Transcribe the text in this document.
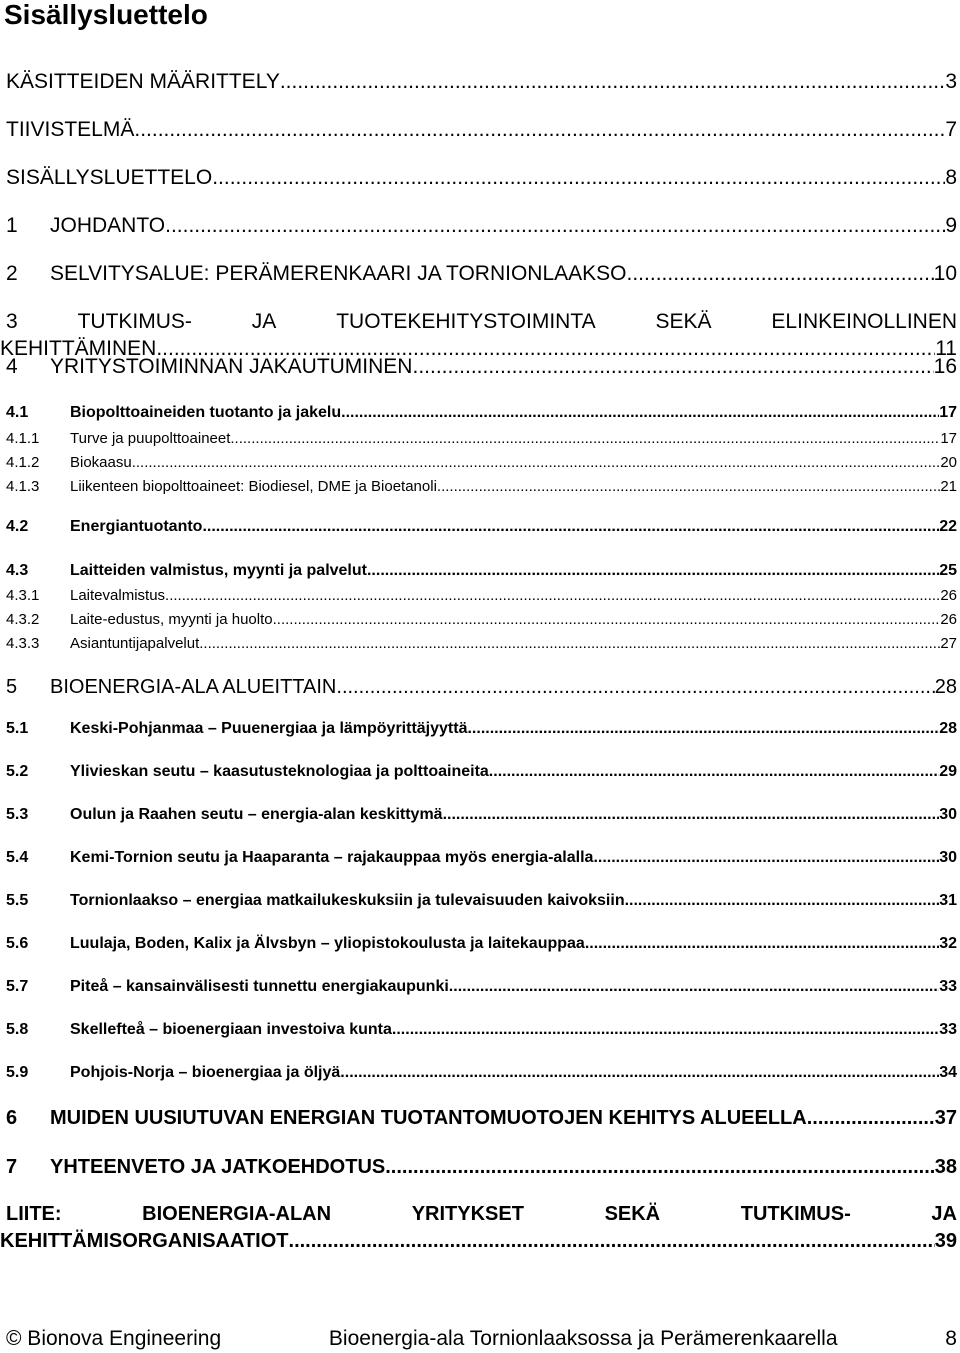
Sisällysluettelo
KÄSITTEIDEN MÄÄRITTELY .....	3
TIIVISTELMÄ .....	7
SISÄLLYSLUETTELO .....	8
1	JOHDANTO .....	9
2	SELVITYSALUE: PERÄMERENKAARI JA TORNIONLAAKSO .....	10
3	TUTKIMUS-	JA	TUOTEKEHITYSTOIMINTA	SEKÄ	ELINKEINOLLINEN
KEHITTÄMINEN .....	11
4	YRITYSTOIMINNAN JAKAUTUMINEN .....	16
4.1	Biopolttoaineiden tuotanto ja jakelu .....	17
4.1.1	Turve ja puupolttoaineet .....	17
4.1.2	Biokaasu .....	20
4.1.3	Liikenteen biopolttoaineet: Biodiesel, DME ja Bioetanoli .....	21
4.2	Energiantuotanto .....	22
4.3	Laitteiden valmistus, myynti ja palvelut .....	25
4.3.1	Laitevalmistus .....	26
4.3.2	Laite-edustus, myynti ja huolto .....	26
4.3.3	Asiantuntijapalvelut .....	27
5	BIOENERGIA-ALA ALUEITTAIN .....	28
5.1	Keski-Pohjanmaa – Puuenergiaa ja lämpöyrittäjyyttä .....	28
5.2	Ylivieskan seutu – kaasutusteknologiaa ja polttoaineita .....	29
5.3	Oulun ja Raahen seutu – energia-alan keskittymä .....	30
5.4	Kemi-Tornion seutu ja Haaparanta – rajakauppaa myös energia-alalla .....	30
5.5	Tornionlaakso – energiaa matkailukeskuksiin ja tulevaisuuden kaivoksiin .....	31
5.6	Luulaja, Boden, Kalix ja Älvsbyn – yliopistokoulusta ja laitekauppaa .....	32
5.7	Piteå – kansainvälisesti tunnettu energiakaupunki .....	33
5.8	Skellefteå – bioenergiaan investoiva kunta .....	33
5.9	Pohjois-Norja – bioenergiaa ja öljyä .....	34
6	MUIDEN UUSIUTUVAN ENERGIAN TUOTANTOMUOTOJEN KEHITYS ALUEELLA .....	37
7	YHTEENVETO JA JATKOEHDOTUS .....	38
LIITE:	BIOENERGIA-ALAN	YRITYKSET	SEKÄ	TUTKIMUS-	JA
KEHITTÄMISORGANISAATIOT .....	39
© Bionova Engineering	Bioenergia-ala Tornionlaaksossa ja Perämerenkaarella	8
